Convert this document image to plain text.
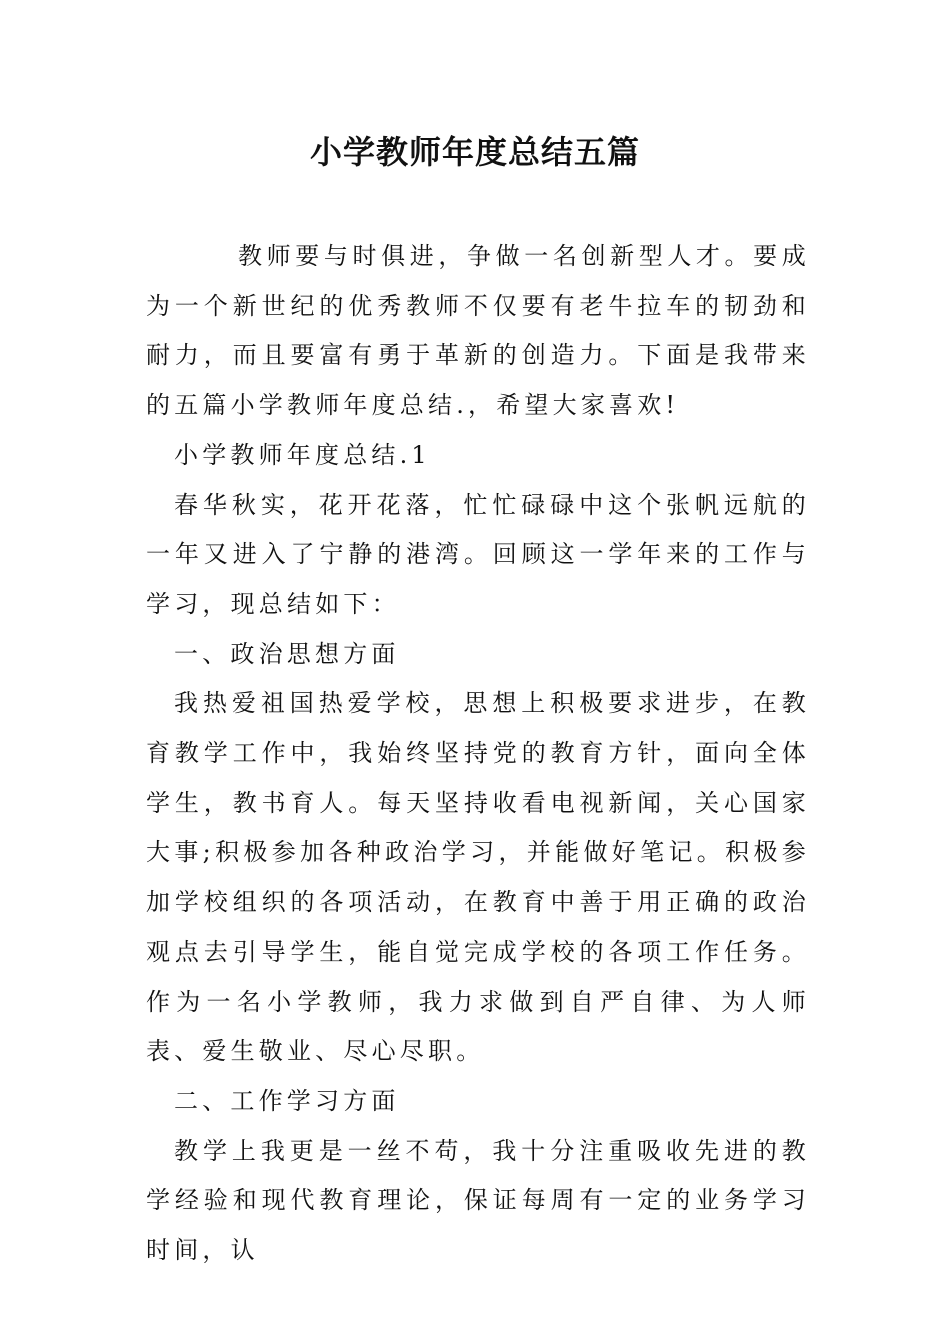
小学教师年度总结五篇

教师要与时俱进，争做一名创新型人才。要成为一个新世纪的优秀教师不仅要有老牛拉车的韧劲和耐力，而且要富有勇于革新的创造力。下面是我带来的五篇小学教师年度总结.，希望大家喜欢!

小学教师年度总结.1

春华秋实，花开花落，忙忙碌碌中这个张帆远航的一年又进入了宁静的港湾。回顾这一学年来的工作与学习，现总结如下：

一、政治思想方面

我热爱祖国热爱学校，思想上积极要求进步，在教育教学工作中，我始终坚持党的教育方针，面向全体学生，教书育人。每天坚持收看电视新闻，关心国家大事;积极参加各种政治学习，并能做好笔记。积极参加学校组织的各项活动，在教育中善于用正确的政治观点去引导学生，能自觉完成学校的各项工作任务。作为一名小学教师，我力求做到自严自律、为人师表、爱生敬业、尽心尽职。

二、工作学习方面

教学上我更是一丝不苟，我十分注重吸收先进的教学经验和现代教育理论，保证每周有一定的业务学习时间，认
